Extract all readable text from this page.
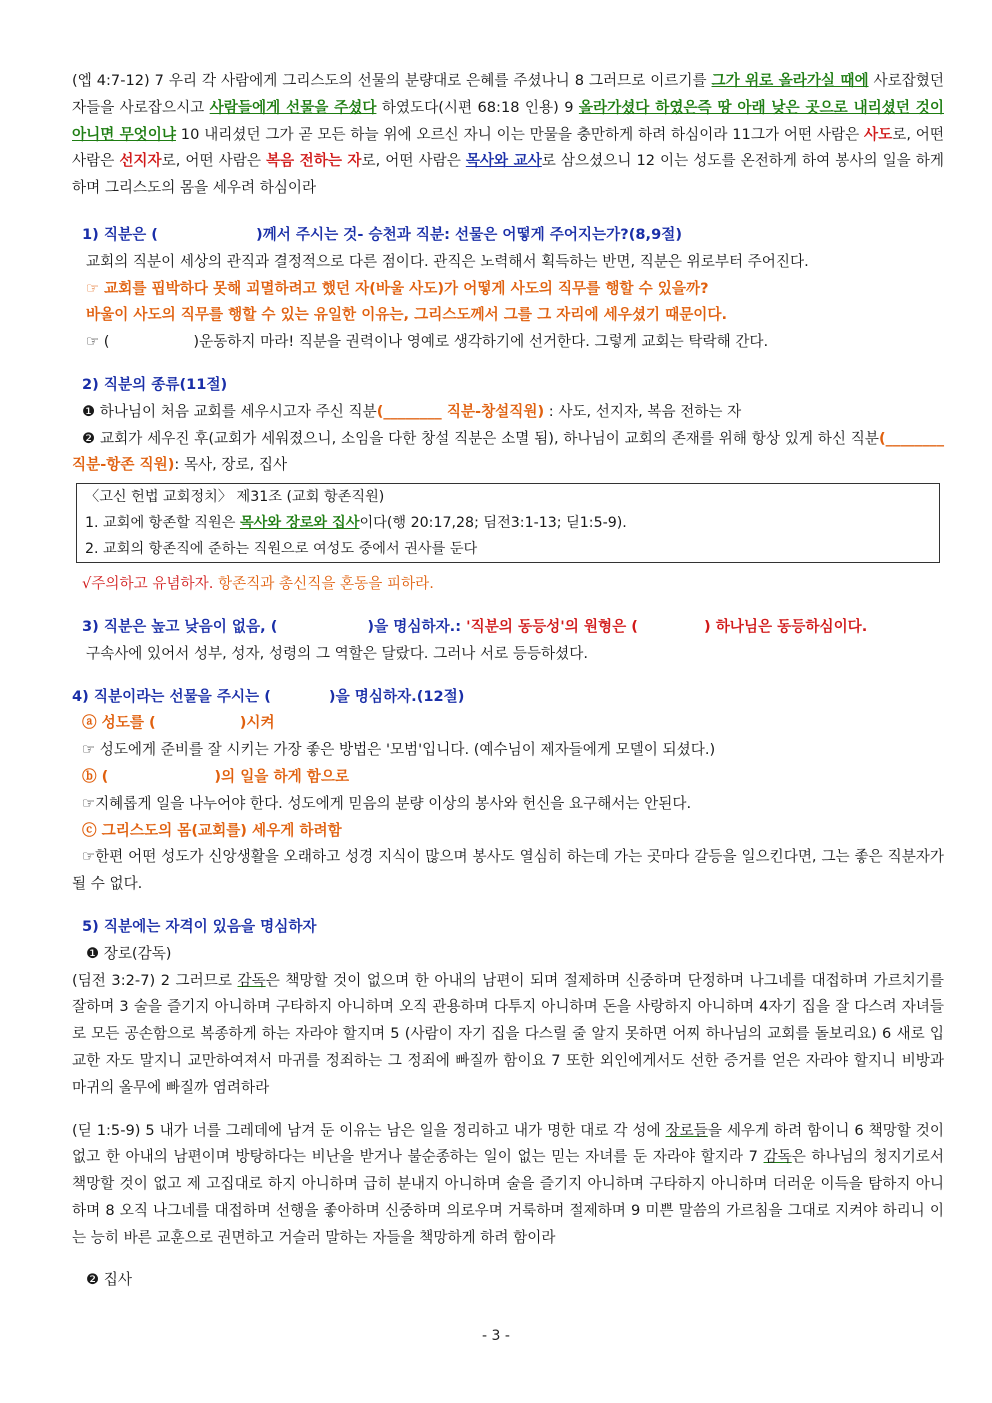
(엡 4:7-12) 7 우리 각 사람에게 그리스도의 선물의 분량대로 은혜를 주셨나니 8 그러므로 이르기를 그가 위로 올라가실 때에 사로잡혔던 자들을 사로잡으시고 사람들에게 선물을 주셨다 하였도다(시편 68:18 인용) 9 올라가셨다 하였은즉 땅 아래 낮은 곳으로 내리셨던 것이 아니면 무엇이냐 10 내리셨던 그가 곧 모든 하늘 위에 오르신 자니 이는 만물을 충만하게 하려 하심이라 11그가 어떤 사람은 사도로, 어떤 사람은 선지자로, 어떤 사람은 복음 전하는 자로, 어떤 사람은 목사와 교사로 삼으셨으니 12 이는 성도를 온전하게 하여 봉사의 일을 하게 하며 그리스도의 몸을 세우려 하심이라

1) 직분은 (	)께서 주시는 것- 승천과 직분: 선물은 어떻게 주어지는가?(8,9절)

교회의 직분이 세상의 관직과 결정적으로 다른 점이다. 관직은 노력해서 획득하는 반면, 직분은 위로부터 주어진다.

☞ 교회를 핍박하다 못해 괴멸하려고 했던 자(바울 사도)가 어떻게 사도의 직무를 행할 수 있을까?

바울이 사도의 직무를 행할 수 있는 유일한 이유는, 그리스도께서 그를 그 자리에 세우셨기 때문이다.

☞ (	)운동하지 마라! 직분을 권력이나 영예로 생각하기에 선거한다. 그렇게 교회는 탁락해 간다.

2) 직분의 종류(11절)

❶ 하나님이 처음 교회를 세우시고자 주신 직분(________ 직분-창설직원) : 사도, 선지자, 복음 전하는 자

❷ 교회가 세우진 후(교회가 세워졌으니, 소임을 다한 창설 직분은 소멸 됨), 하나님이 교회의 존재를 위해 항상 있게 하신 직분(________ 직분-항존 직원): 목사, 장로, 집사

〈고신 헌법 교회정치〉 제31조 (교회 항존직원)
1. 교회에 항존할 직원은 목사와 장로와 집사이다(행 20:17,28; 딤전3:1-13; 딛1:5-9).
2. 교회의 항존직에 준하는 직원으로 여성도 중에서 권사를 둔다

√주의하고 유념하자. 항존직과 총신직을 혼동을 피하라.

3) 직분은 높고 낮음이 없음, (	)을 명심하자.: '직분의 동등성'의 원형은 (	) 하나님은 동등하심이다.

구속사에 있어서 성부, 성자, 성령의 그 역할은 달랐다. 그러나 서로 등등하셨다.

4) 직분이라는 선물을 주시는 (	)을 명심하자.(12절)

ⓐ 성도를 (	)시켜

☞ 성도에게 준비를 잘 시키는 가장 좋은 방법은 '모범'입니다. (예수님이 제자들에게 모델이 되셨다.)

ⓑ (	)의 일을 하게 함으로

☞지혜롭게 일을 나누어야 한다. 성도에게 믿음의 분량 이상의 봉사와 헌신을 요구해서는 안된다.

ⓒ 그리스도의 몸(교회를) 세우게 하려함

☞한편 어떤 성도가 신앙생활을 오래하고 성경 지식이 많으며 봉사도 열심히 하는데 가는 곳마다 갈등을 일으킨다면, 그는 좋은 직분자가 될 수 없다.

5) 직분에는 자격이 있음을 명심하자

❶ 장로(감독)

(딤전 3:2-7) 2 그러므로 감독은 책망할 것이 없으며 한 아내의 남편이 되며 절제하며 신중하며 단정하며 나그네를 대접하며 가르치기를 잘하며 3 술을 즐기지 아니하며 구타하지 아니하며 오직 관용하며 다투지 아니하며 돈을 사랑하지 아니하며 4자기 집을 잘 다스려 자녀들로 모든 공손함으로 복종하게 하는 자라야 할지며 5 (사람이 자기 집을 다스릴 줄 알지 못하면 어찌 하나님의 교회를 돌보리요) 6 새로 입교한 자도 말지니 교만하여져서 마귀를 정죄하는 그 정죄에 빠질까 함이요 7 또한 외인에게서도 선한 증거를 얻은 자라야 할지니 비방과 마귀의 올무에 빠질까 염려하라

(딛 1:5-9) 5 내가 너를 그레데에 남겨 둔 이유는 남은 일을 정리하고 내가 명한 대로 각 성에 장로들을 세우게 하려 함이니 6 책망할 것이 없고 한 아내의 남편이며 방탕하다는 비난을 받거나 불순종하는 일이 없는 믿는 자녀를 둔 자라야 할지라 7 감독은 하나님의 청지기로서 책망할 것이 없고 제 고집대로 하지 아니하며 급히 분내지 아니하며 술을 즐기지 아니하며 구타하지 아니하며 더러운 이득을 탐하지 아니하며 8 오직 나그네를 대접하며 선행을 좋아하며 신중하며 의로우며 거룩하며 절제하며 9 미쁜 말씀의 가르침을 그대로 지켜야 하리니 이는 능히 바른 교훈으로 권면하고 거슬러 말하는 자들을 책망하게 하려 함이라

❷ 집사

- 3 -
